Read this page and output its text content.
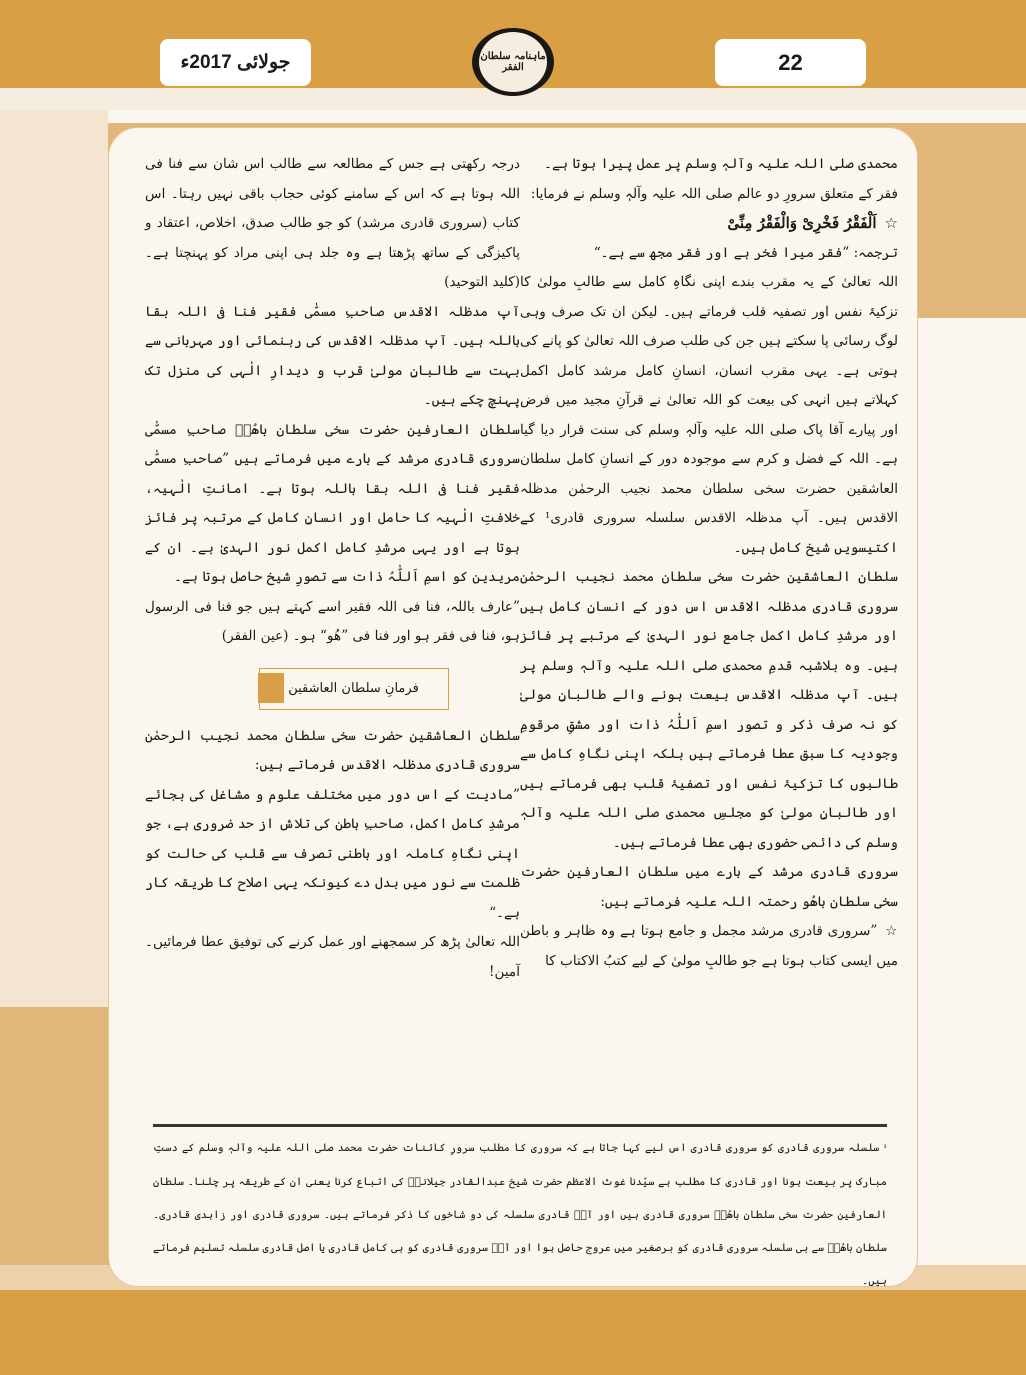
جولائی 2017ء	ماہنامہ سلطان الفقر	22

محمدی صلی اللہ علیہ وآلہٖ وسلم پر عمل پیرا ہوتا ہے۔

فقر کے متعلق سرورِ دو عالم صلی اللہ علیہ وآلہٖ وسلم نے فرمایا:

☆اَلْفَقْرُ فَخْرِیْ وَالْفَقْرُ مِنِّیْ

ترجمہ: ”فقر میرا فخر ہے اور فقر مجھ سے ہے۔“

اللہ تعالیٰ کے یہ مقرب بندے اپنی نگاہِ کامل سے طالبِ مولیٰ کا تزکیۂ نفس اور تصفیہ قلب فرماتے ہیں۔ لیکن ان تک صرف وہی لوگ رسائی پا سکتے ہیں جن کی طلب صرف اللہ تعالیٰ کو پانے کی ہوتی ہے۔ یہی مقرب انسان، انسانِ کامل مرشد کامل اکمل کہلاتے ہیں انہی کی بیعت کو اللہ تعالیٰ نے قرآنِ مجید میں فرض اور پیارے آقا پاک صلی اللہ علیہ وآلہٖ وسلم کی سنت قرار دیا گیا ہے۔ اللہ کے فضل و کرم سے موجودہ دور کے انسانِ کامل سلطان العاشقین حضرت سخی سلطان محمد نجیب الرحمٰن مدظلہ الاقدس ہیں۔ آپ مدظلہ الاقدس سلسلہ سروری قادری¹ کے اکتیسویں شیخ کامل ہیں۔

سلطان العاشقین حضرت سخی سلطان محمد نجیب الرحمٰن سروری قادری مدظلہ الاقدس اس دور کے انسانِ کامل ہیں اور مرشدِ کامل اکمل جامع نور الہدیٰ کے مرتبے پر فائز ہیں۔ وہ بلاشبہ قدمِ محمدی صلی اللہ علیہ وآلہٖ وسلم پر ہیں۔ آپ مدظلہ الاقدس بیعت ہونے والے طالبانِ مولیٰ کو نہ صرف ذکر و تصور اسمِ اَللّٰہُ ذات اور مشقِ مرقومِ وجودیہ کا سبق عطا فرماتے ہیں بلکہ اپنی نگاہِ کامل سے طالبوں کا تزکیۂ نفس اور تصفیۂ قلب بھی فرماتے ہیں اور طالبانِ مولیٰ کو مجلسِ محمدی صلی اللہ علیہ وآلہٖ وسلم کی دائمی حضوری بھی عطا فرماتے ہیں۔

سروری قادری مرشد کے بارے میں سلطان العارفین حضرت سخی سلطان باھُو رحمتہ اللہ علیہ فرماتے ہیں:

☆”سروری قادری مرشد مجمل و جامع ہوتا ہے وہ ظاہر و باطن میں ایسی کتاب ہوتا ہے جو طالبِ مولیٰ کے لیے کتبُ الاکتاب کا

درجہ رکھتی ہے جس کے مطالعہ سے طالب اس شان سے فنا فی اللہ ہوتا ہے کہ اس کے سامنے کوئی حجاب باقی نہیں رہتا۔ اس کتاب (سروری قادری مرشد) کو جو طالب صدق، اخلاص، اعتقاد و پاکیزگی کے ساتھ پڑھتا ہے وہ جلد ہی اپنی مراد کو پہنچتا ہے۔ (کلید التوحید)

آپ مدظلہ الاقدس صاحبِ مسمّٰی فقیر فنا فی اللہ بقا باللہ ہیں۔ آپ مدظلہ الاقدس کی رہنمائی اور مہربانی سے بہت سے طالبانِ مولیٰ قرب و دیدارِ الٰہی کی منزل تک پہنچ چکے ہیں۔

سلطان العارفین حضرت سخی سلطان باھُوؒ صاحبِ مسمّٰی سروری قادری مرشد کے بارے میں فرماتے ہیں ”صاحبِ مسمّٰی فقیر فنا فی اللہ بقا باللہ ہوتا ہے۔ امانتِ الٰہیہ، خلافتِ الٰہیہ کا حامل اور انسانِ کامل کے مرتبہ پر فائز ہوتا ہے اور یہی مرشدِ کامل اکمل نور الہدیٰ ہے۔ ان کے مریدین کو اسمِ اَللّٰہُ ذات سے تصورِ شیخ حاصل ہوتا ہے۔

”عارف باللہ، فنا فی اللہ فقیر اسے کہتے ہیں جو فنا فی الرسول ہو، فنا فی فقر ہو اور فنا فی ”ھُو“ ہو۔ (عین الفقر)

فرمانِ سلطان العاشقین

سلطان العاشقین حضرت سخی سلطان محمد نجیب الرحمٰن سروری قادری مدظلہ الاقدس فرماتے ہیں:

”مادیت کے اس دور میں مختلف علوم و مشاغل کی بجائے مرشدِ کامل اکمل، صاحبِ باطن کی تلاش از حد ضروری ہے، جو اپنی نگاہِ کاملہ اور باطنی تصرف سے قلب کی حالت کو ظلمت سے نور میں بدل دے کیونکہ یہی اصلاح کا طریقہ کار ہے۔“

اللہ تعالیٰ پڑھ کر سمجھنے اور عمل کرنے کی توفیق عطا فرمائیں۔ آمین!

¹سلسلہ سروری قادری کو سروری قادری اس لیے کہا جاتا ہے کہ سروری کا مطلب سرورِ کائنات حضرت محمد صلی اللہ علیہ وآلہٖ وسلم کے دستِ مبارک پر بیعت ہونا اور قادری کا مطلب ہے سیّدنا غوث الاعظم حضرت شیخ عبدالقادر جیلانیؓ کی اتباع کرنا یعنی ان کے طریقہ پر چلنا۔ سلطان العارفین حضرت سخی سلطان باھُوؒ سروری قادری ہیں اور آپؒ قادری سلسلہ کی دو شاخوں کا ذکر فرماتے ہیں۔ سروری قادری اور زاہدی قادری۔ سلطان باھُوؒ سے ہی سلسلہ سروری قادری کو برصغیر میں عروج حاصل ہوا اور آپؒ سروری قادری کو ہی کامل قادری یا اصل قادری سلسلہ تسلیم فرماتے ہیں۔
